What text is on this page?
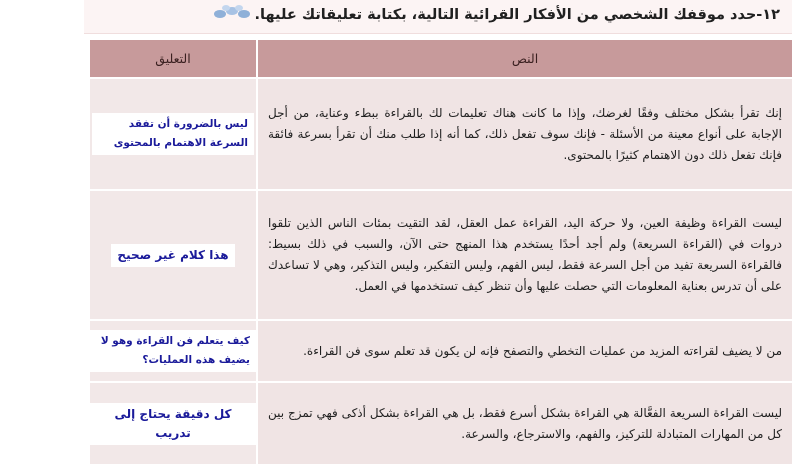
١٢-حدد موقفك الشخصي من الأفكار القرائية التالية، بكتابة تعليقاتك عليها.
النص	التعليق
إنك تقرأ بشكل مختلف وفقًا لغرضك، وإذا ما كانت هناك تعليمات لك بالقراءة ببطء وعناية، من أجل الإجابة على أنواع معينة من الأسئلة - فإنك سوف تفعل ذلك، كما أنه إذا طلب منك أن تقرأ بسرعة فائقة فإنك تفعل ذلك دون الاهتمام كثيرًا بالمحتوى.	ليس بالضرورة أن تفقد السرعة الاهتمام بالمحتوى
ليست القراءة وظيفة العين، ولا حركة اليد، القراءة عمل العقل، لقد التقيت بمئات الناس الذين تلقوا دروات في (القراءة السريعة) ولم أجد أحدًا يستخدم هذا المنهج حتى الآن، والسبب في ذلك بسيط: فالقراءة السريعة تفيد من أجل السرعة فقط، ليس الفهم، وليس التفكير، وليس التذكير، وهي لا تساعدك على أن تدرس بعناية المعلومات التي حصلت عليها وأن تنظر كيف تستخدمها في العمل.	هذا كلام غير صحيح
من لا يضيف لقراءته المزيد من عمليات التخطي والتصفح فإنه لن يكون قد تعلم سوى فن القراءة.	كيف يتعلم فن القراءة وهو لا يضيف هذه العمليات؟
ليست القراءة السريعة الفعَّالة هي القراءة بشكل أسرع فقط، بل هي القراءة بشكل أذكى فهي تمزج بين كل من المهارات المتبادلة للتركيز، والفهم، والاسترجاع، والسرعة.	كل دقيقة يحتاج إلى تدريب
